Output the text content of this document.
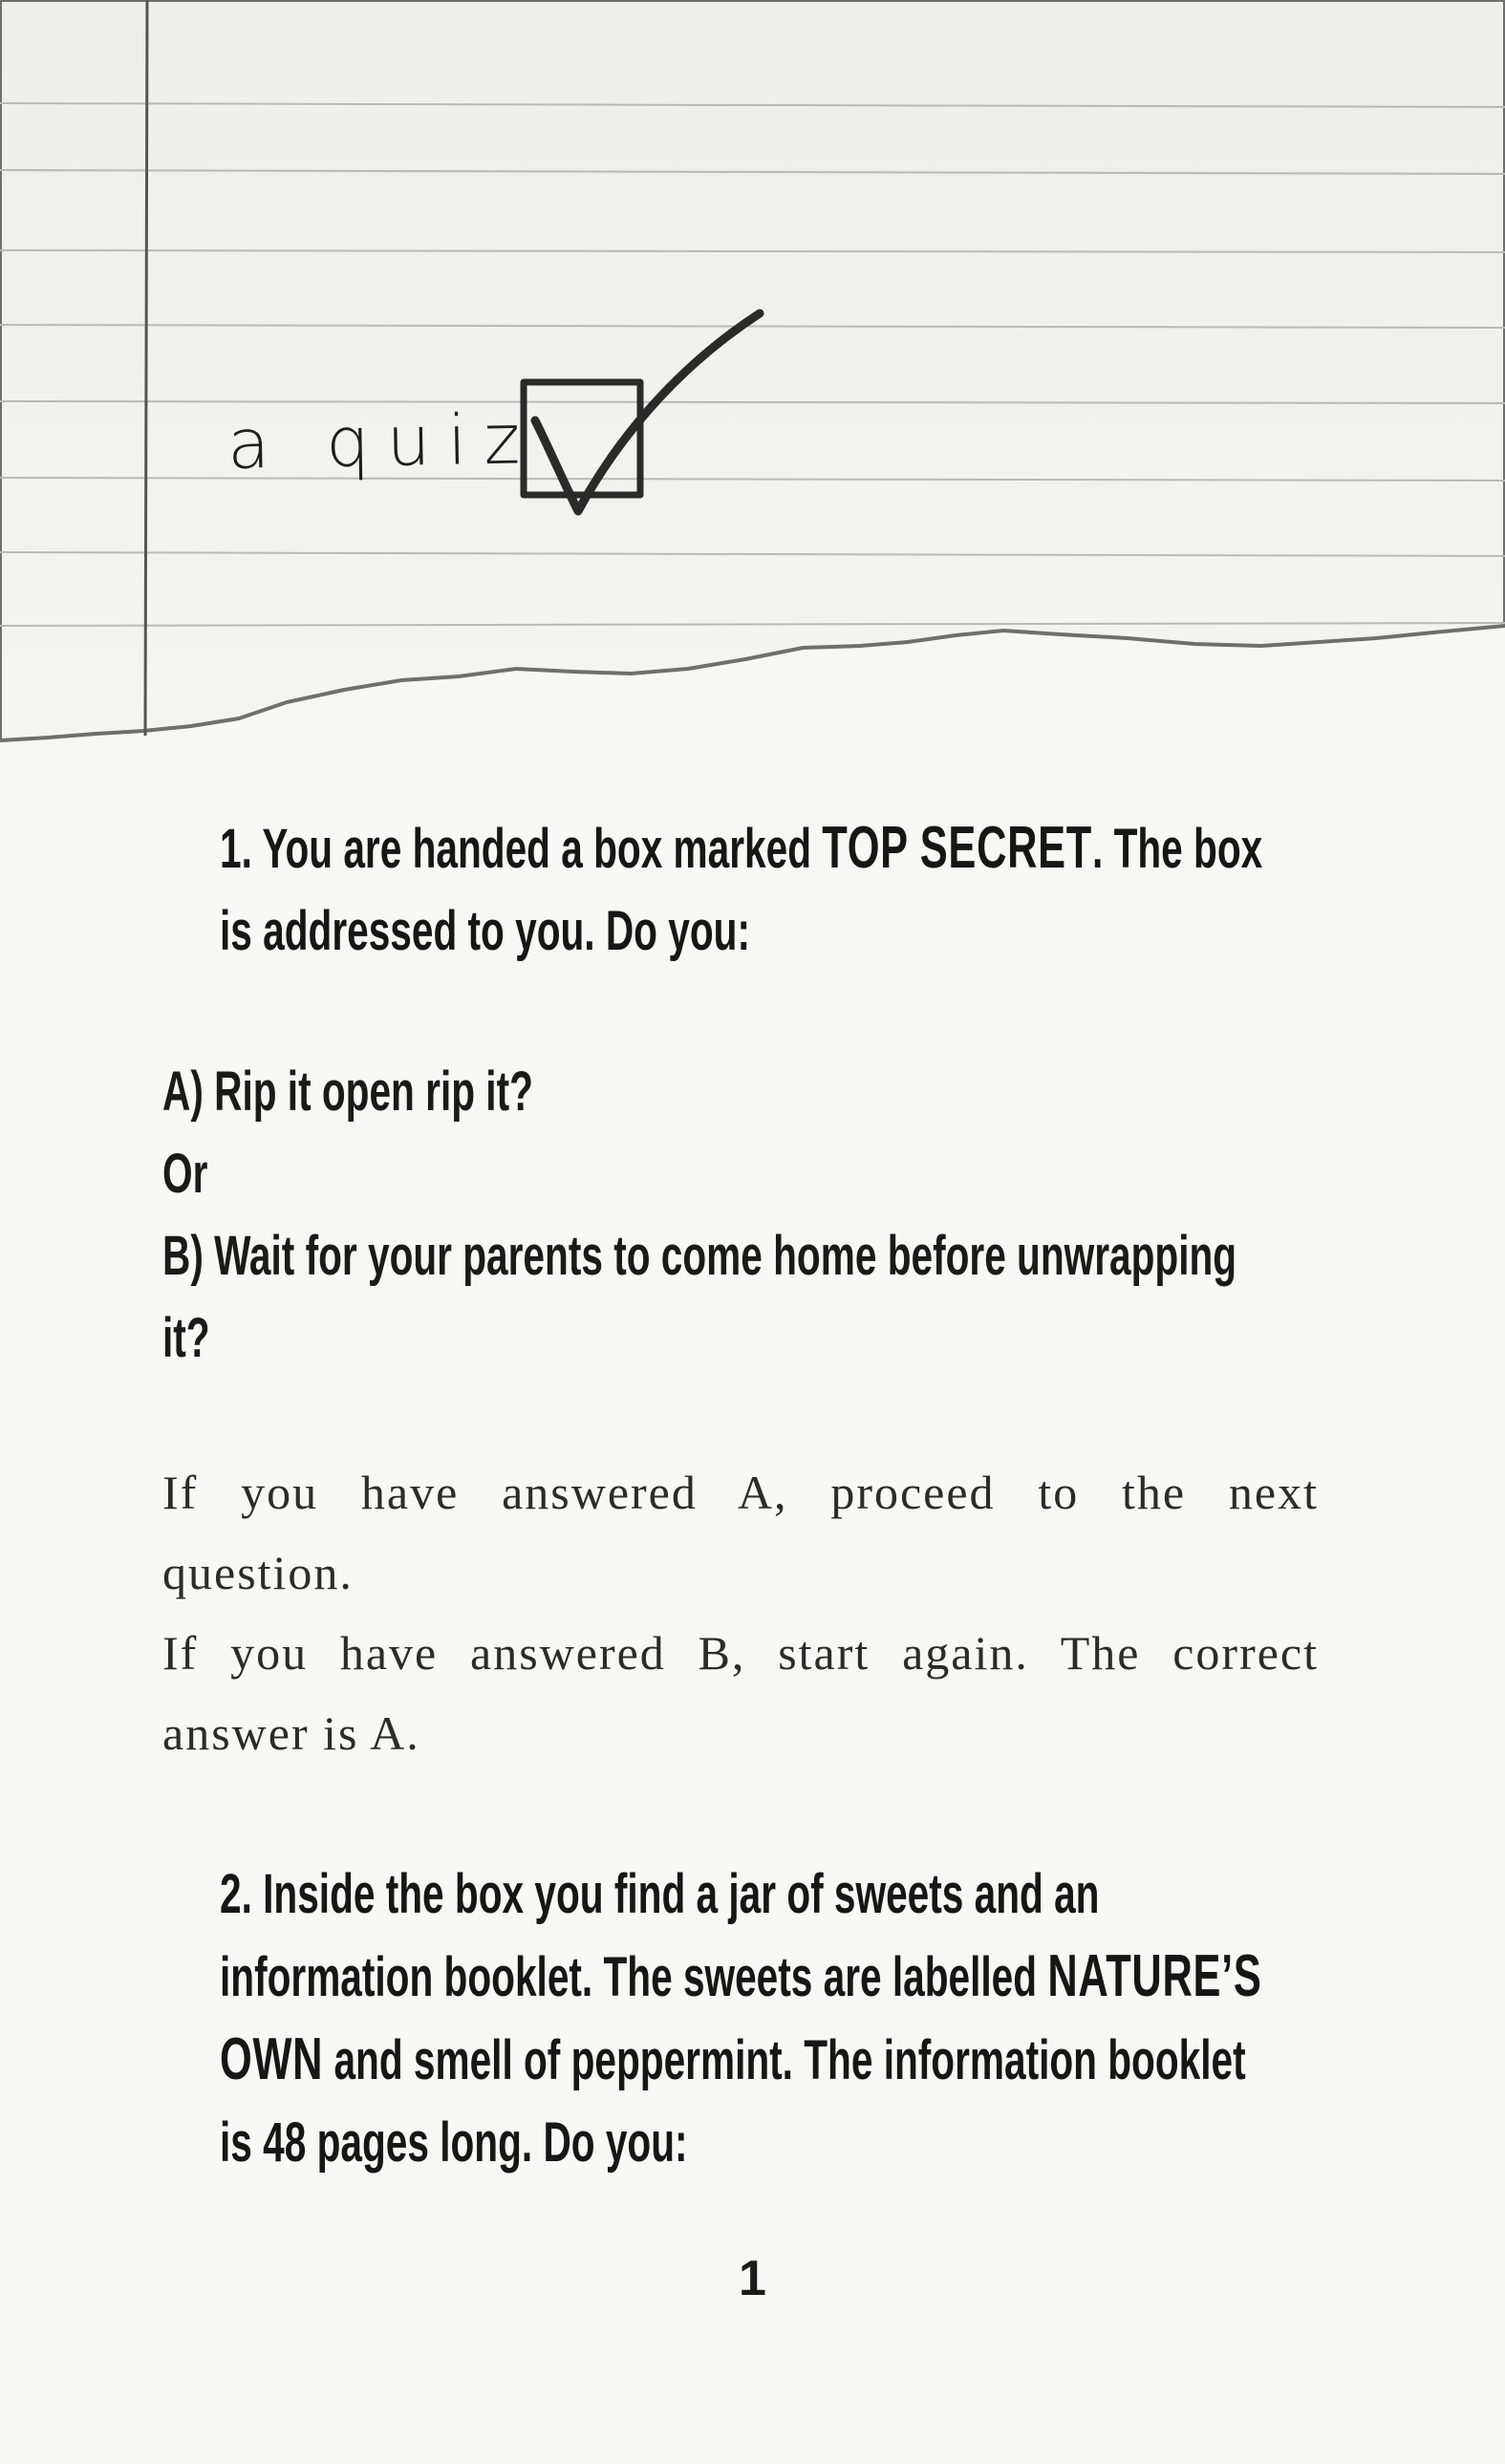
a quiz
1. You are handed a box marked TOP SECRET. The box
is addressed to you. Do you:
A) Rip it open rip it?
Or
B) Wait for your parents to come home before unwrapping
it?
If you have answered A, proceed to the next
question.
If you have answered B, start again. The correct
answer is A.
2. Inside the box you find a jar of sweets and an
information booklet. The sweets are labelled NATURE’S
OWN and smell of peppermint. The information booklet
is 48 pages long. Do you:
1
